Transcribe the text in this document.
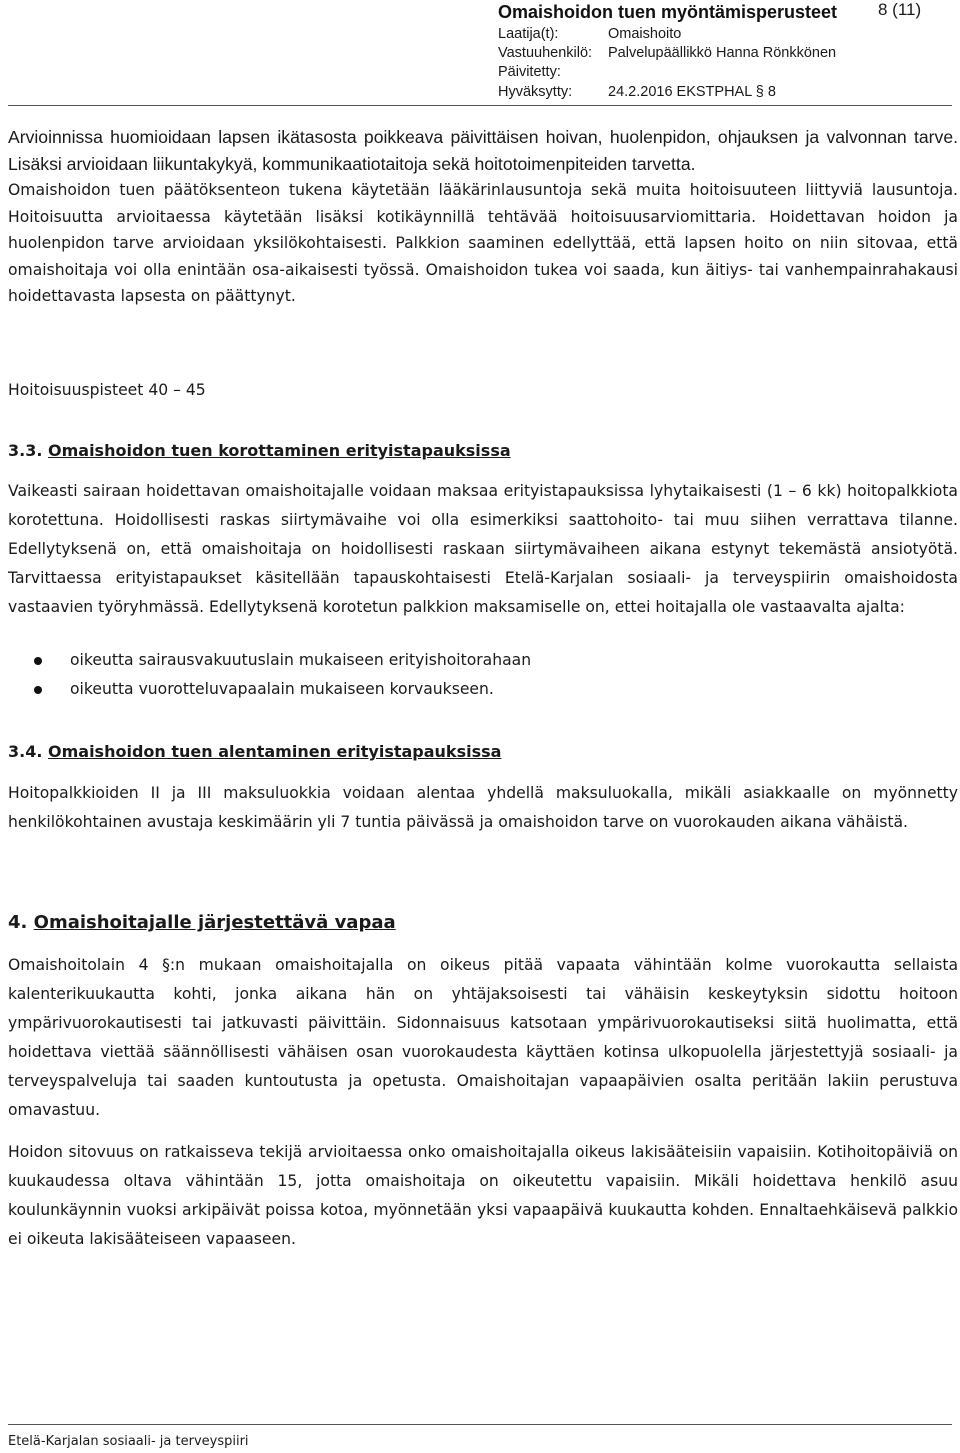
Omaishoidon tuen myöntämisperusteet 8 (11)
Laatija(t):	Omaishoito
Vastuuhenkilö: Palvelupäällikkö Hanna Rönkkönen
Päivitetty:
Hyväksytty: 24.2.2016 EKSTPHAL § 8

Arvioinnissa huomioidaan lapsen ikätasosta poikkeava päivittäisen hoivan, huolenpidon, ohjauksen ja valvonnan tarve. Lisäksi arvioidaan liikuntakykyä, kommunikaatiotaitoja sekä hoitotoimenpiteiden tarvetta.

Omaishoidon tuen päätöksenteon tukena käytetään lääkärinlausuntoja sekä muita hoitoisuuteen liittyviä lausuntoja. Hoitoisuutta arvioitaessa käytetään lisäksi kotikäynnillä tehtävää hoitoisuusarviomittaria. Hoidettavan hoidon ja huolenpidon tarve arvioidaan yksilökohtaisesti. Palkkion saaminen edellyttää, että lapsen hoito on niin sitovaa, että omaishoitaja voi olla enintään osa-aikaisesti työssä. Omaishoidon tukea voi saada, kun äitiys- tai vanhempainrahakausi hoidettavasta lapsesta on päättynyt.

Hoitoisuuspisteet 40 – 45

3.3. Omaishoidon tuen korottaminen erityistapauksissa

Vaikeasti sairaan hoidettavan omaishoitajalle voidaan maksaa erityistapauksissa lyhytaikaisesti (1 – 6 kk) hoitopalkkiota korotettuna. Hoidollisesti raskas siirtymävaihe voi olla esimerkiksi saattohoito- tai muu siihen verrattava tilanne. Edellytyksenä on, että omaishoitaja on hoidollisesti raskaan siirtymävaiheen aikana estynyt tekemästä ansiotyötä. Tarvittaessa erityistapaukset käsitellään tapauskohtaisesti Etelä-Karjalan sosiaali- ja terveyspiirin omaishoidosta vastaavien työryhmässä. Edellytyksenä korotetun palkkion maksamiselle on, ettei hoitajalla ole vastaavalta ajalta:

oikeutta sairausvakuutuslain mukaiseen erityishoitorahaan
oikeutta vuorotteluvapaalain mukaiseen korvaukseen.
3.4. Omaishoidon tuen alentaminen erityistapauksissa

Hoitopalkkioiden II ja III maksuluokkia voidaan alentaa yhdellä maksuluokalla, mikäli asiakkaalle on myönnetty henkilökohtainen avustaja keskimäärin yli 7 tuntia päivässä ja omaishoidon tarve on vuorokauden aikana vähäistä.

4. Omaishoitajalle järjestettävä vapaa

Omaishoitolain 4 §:n mukaan omaishoitajalla on oikeus pitää vapaata vähintään kolme vuorokautta sellaista kalenterikuukautta kohti, jonka aikana hän on yhtäjaksoisesti tai vähäisin keskeytyksin sidottu hoitoon ympärivuorokautisesti tai jatkuvasti päivittäin. Sidonnaisuus katsotaan ympärivuorokautiseksi siitä huolimatta, että hoidettava viettää säännöllisesti vähäisen osan vuorokaudesta käyttäen kotinsa ulkopuolella järjestettyjä sosiaali- ja terveyspalveluja tai saaden kuntoutusta ja opetusta. Omaishoitajan vapaapäivien osalta peritään lakiin perustuva omavastuu.

Hoidon sitovuus on ratkaisseva tekijä arvioitaessa onko omaishoitajalla oikeus lakisääteisiin vapaisiin. Kotihoitopäiviä on kuukaudessa oltava vähintään 15, jotta omaishoitaja on oikeutettu vapaisiin. Mikäli hoidettava henkilö asuu koulunkäynnin vuoksi arkipäivät poissa kotoa, myönnetään yksi vapaapäivä kuukautta kohden. Ennaltaehkäisevä palkkio ei oikeuta lakisääteiseen vapaaseen.

Etelä-Karjalan sosiaali- ja terveyspiiri
